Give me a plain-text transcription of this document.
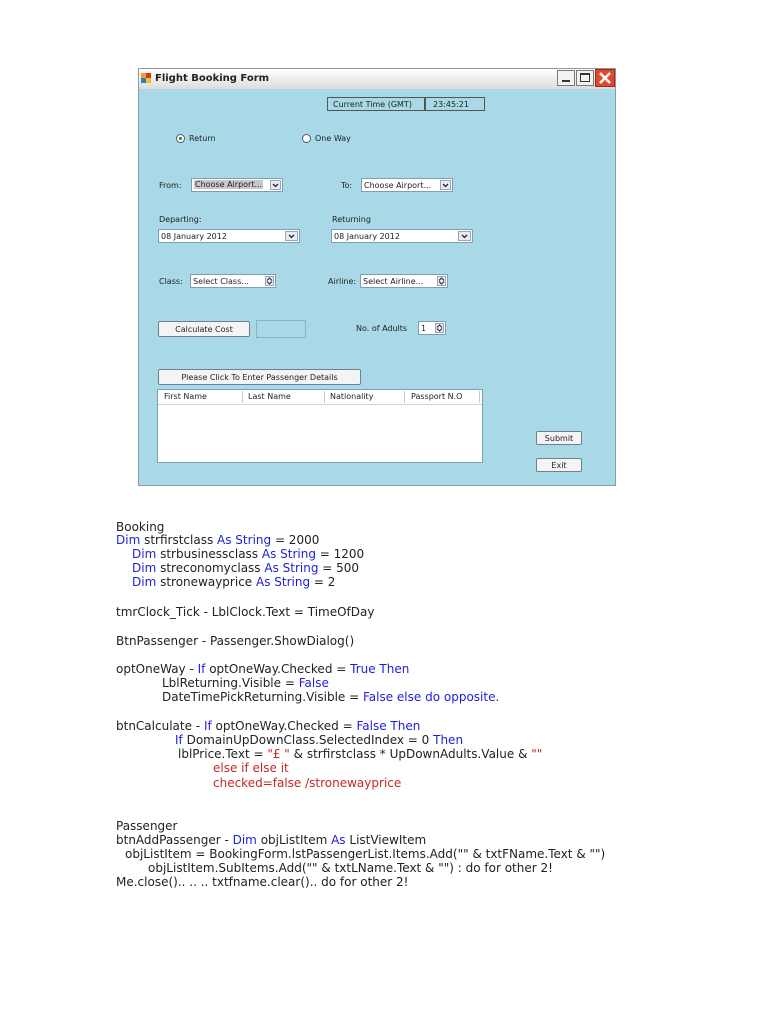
Flight Booking Form
Current Time (GMT)	23:45:21
Return	One Way
From: Choose Airport...	To: Choose Airport...
Departing:
08 January 2012
Returning
08 January 2012
Class: Select Class...	Airline: Select Airline...
Calculate Cost	No. of Adults 1
Please Click To Enter Passenger Details
First Name	Last Name	Nationality	Passport N.O
Submit
Exit
Booking
Dim strfirstclass As String = 2000
Dim strbusinessclass As String = 1200
Dim streconomyclass As String = 500
Dim stronewayprice As String = 2
tmrClock_Tick - LblClock.Text = TimeOfDay
BtnPassenger - Passenger.ShowDialog()
optOneWay - If optOneWay.Checked = True Then
LblReturning.Visible = False
DateTimePickReturning.Visible = False else do opposite.
btnCalculate - If optOneWay.Checked = False Then
If DomainUpDownClass.SelectedIndex = 0 Then
lblPrice.Text = "£ " & strfirstclass * UpDownAdults.Value & ""
else if else it
checked=false /stronewayprice
Passenger
btnAddPassenger - Dim objListItem As ListViewItem
objListItem = BookingForm.lstPassengerList.Items.Add("" & txtFName.Text & "")
objListItem.SubItems.Add("" & txtLName.Text & "") : do for other 2!
Me.close().. .. .. txtfname.clear().. do for other 2!
